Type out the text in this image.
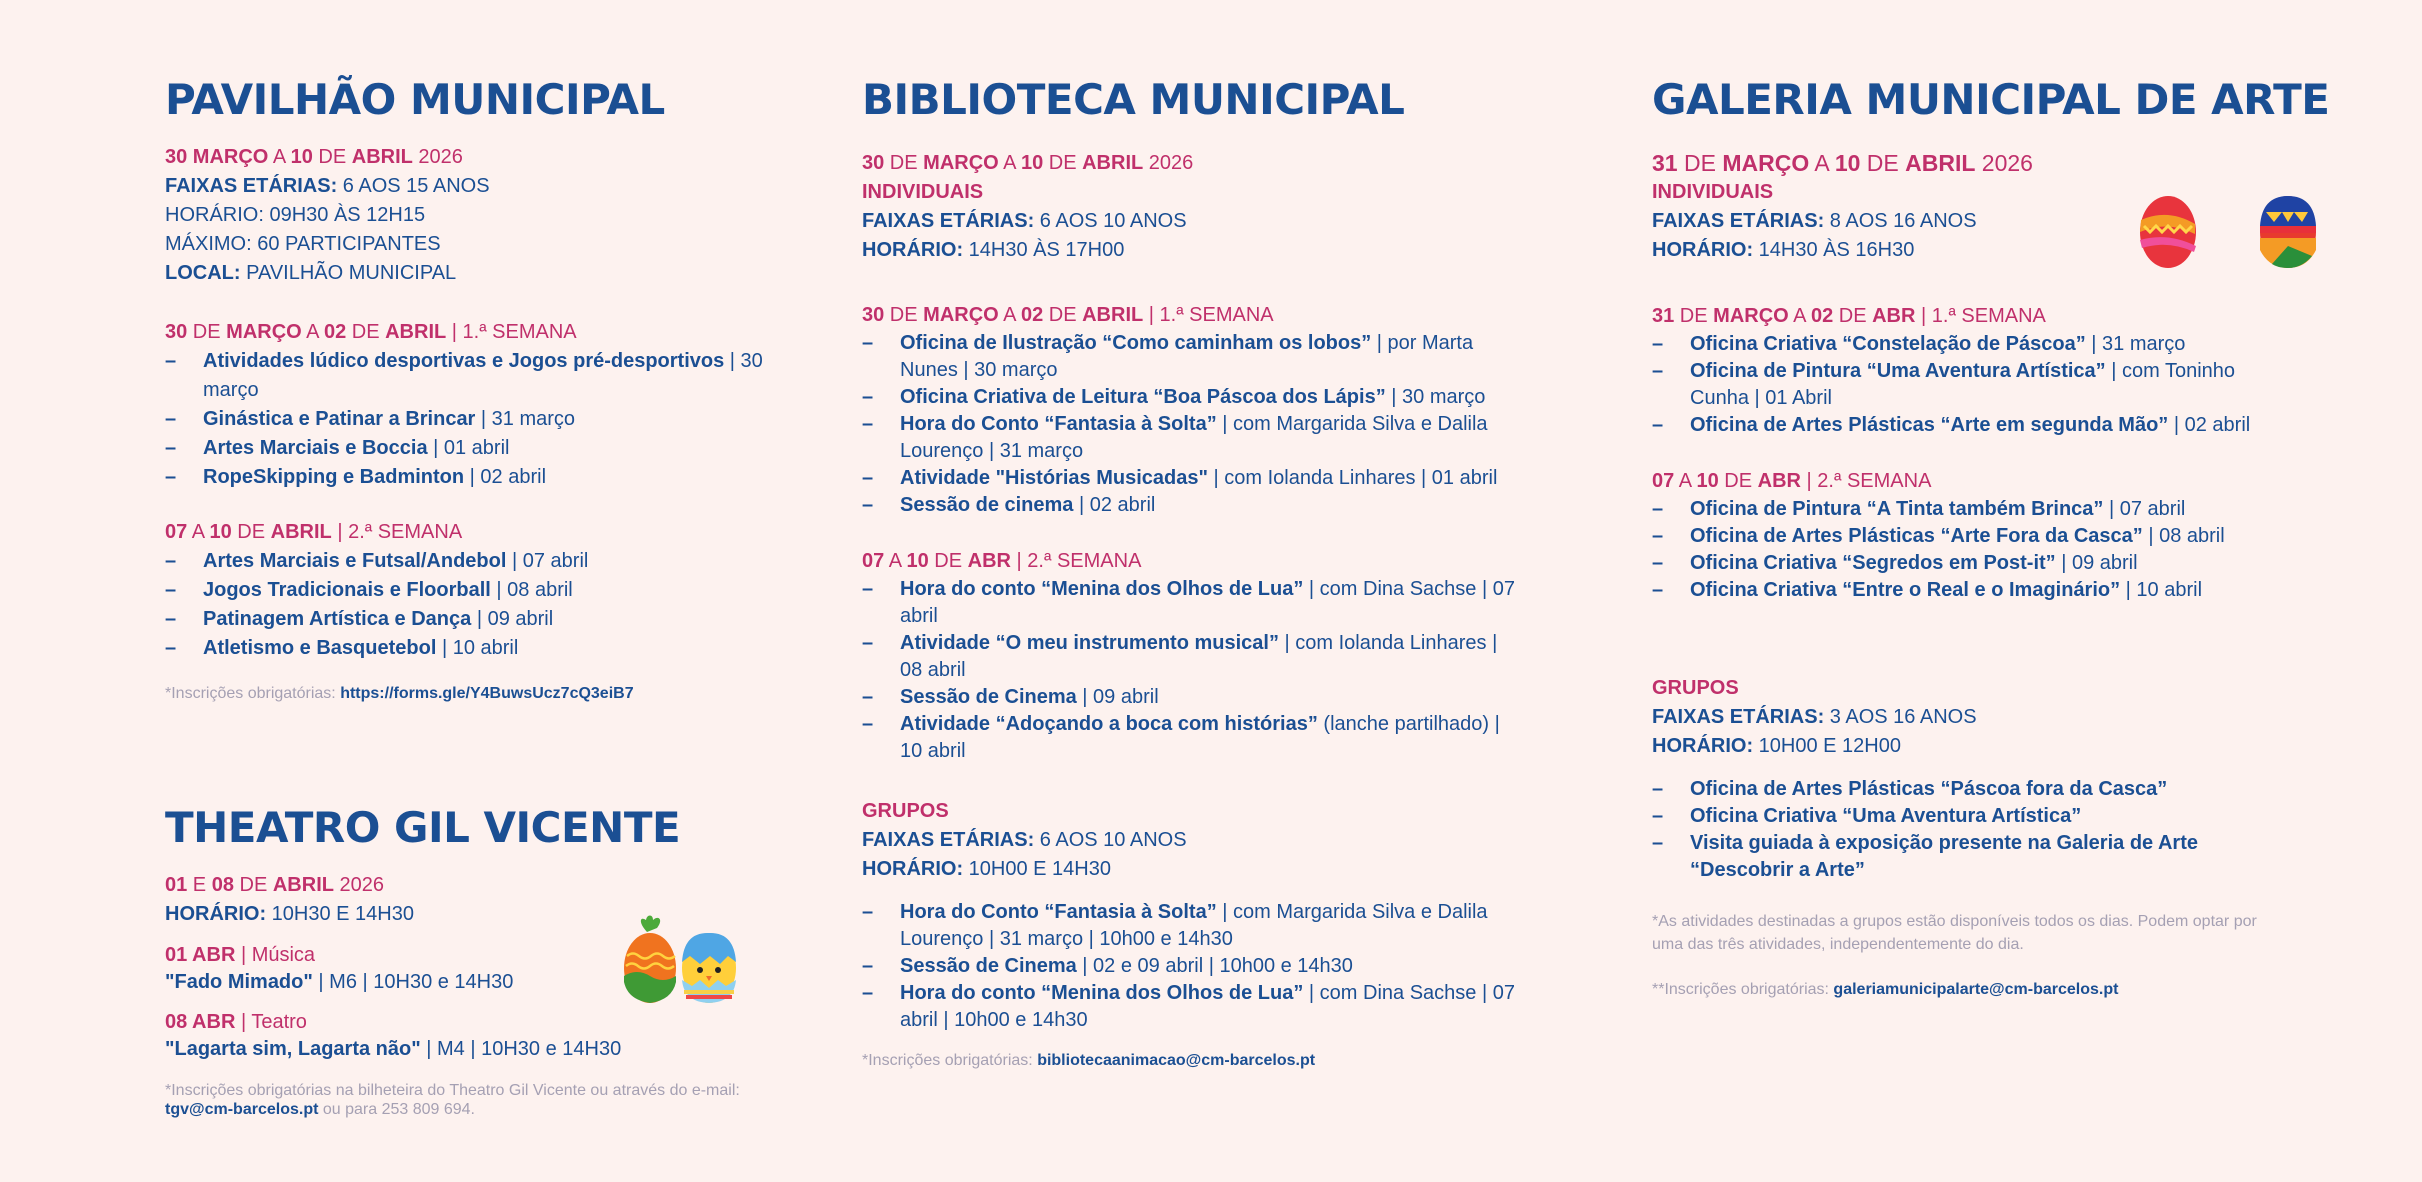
PAVILHÃO MUNICIPAL
30 MARÇO A 10 DE ABRIL 2026
FAIXAS ETÁRIAS: 6 AOS 15 ANOS
HORÁRIO: 09H30 ÀS 12H15
MÁXIMO: 60 PARTICIPANTES
LOCAL: PAVILHÃO MUNICIPAL
30 DE MARÇO A 02 DE ABRIL | 1.ª SEMANA
– Atividades lúdico desportivas e Jogos pré-desportivos | 30 março
– Ginástica e Patinar a Brincar | 31 março
– Artes Marciais e Boccia | 01 abril
– RopeSkipping e Badminton | 02 abril
07 A 10 DE ABRIL | 2.ª SEMANA
– Artes Marciais e Futsal/Andebol | 07 abril
– Jogos Tradicionais e Floorball | 08 abril
– Patinagem Artística e Dança | 09 abril
– Atletismo e Basquetebol | 10 abril
*Inscrições obrigatórias: https://forms.gle/Y4BuwsUcz7cQ3eiB7
THEATRO GIL VICENTE
01 E 08 DE ABRIL 2026
HORÁRIO: 10H30 E 14H30
01 ABR | Música
"Fado Mimado" | M6 | 10H30 e 14H30
08 ABR | Teatro
"Lagarta sim, Lagarta não" | M4 | 10H30 e 14H30
*Inscrições obrigatórias na bilheteira do Theatro Gil Vicente ou através do e-mail: tgv@cm-barcelos.pt ou para 253 809 694.
BIBLIOTECA MUNICIPAL
30 DE MARÇO A 10 DE ABRIL 2026
INDIVIDUAIS
FAIXAS ETÁRIAS: 6 AOS 10 ANOS
HORÁRIO: 14H30 ÀS 17H00
30 DE MARÇO A 02 DE ABRIL | 1.ª SEMANA
– Oficina de Ilustração “Como caminham os lobos” | por Marta Nunes | 30 março
– Oficina Criativa de Leitura “Boa Páscoa dos Lápis” | 30 março
– Hora do Conto “Fantasia à Solta” | com Margarida Silva e Dalila Lourenço | 31 março
– Atividade "Histórias Musicadas" | com Iolanda Linhares | 01 abril
– Sessão de cinema | 02 abril
07 A 10 DE ABR | 2.ª SEMANA
– Hora do conto “Menina dos Olhos de Lua” | com Dina Sachse | 07 abril
– Atividade “O meu instrumento musical” | com Iolanda Linhares | 08 abril
– Sessão de Cinema | 09 abril
– Atividade “Adoçando a boca com histórias” (lanche partilhado) | 10 abril
GRUPOS
FAIXAS ETÁRIAS: 6 AOS 10 ANOS
HORÁRIO: 10H00 E 14H30
– Hora do Conto “Fantasia à Solta” | com Margarida Silva e Dalila Lourenço | 31 março | 10h00 e 14h30
– Sessão de Cinema | 02 e 09 abril | 10h00 e 14h30
– Hora do conto “Menina dos Olhos de Lua” | com Dina Sachse | 07 abril | 10h00 e 14h30
*Inscrições obrigatórias: bibliotecaanimacao@cm-barcelos.pt
GALERIA MUNICIPAL DE ARTE
31 DE MARÇO A 10 DE ABRIL 2026
INDIVIDUAIS
FAIXAS ETÁRIAS: 8 AOS 16 ANOS
HORÁRIO: 14H30 ÀS 16H30
31 DE MARÇO A 02 DE ABR | 1.ª SEMANA
– Oficina Criativa “Constelação de Páscoa” | 31 março
– Oficina de Pintura “Uma Aventura Artística” | com Toninho Cunha | 01 Abril
– Oficina de Artes Plásticas “Arte em segunda Mão” | 02 abril
07 A 10 DE ABR | 2.ª SEMANA
– Oficina de Pintura “A Tinta também Brinca” | 07 abril
– Oficina de Artes Plásticas “Arte Fora da Casca” | 08 abril
– Oficina Criativa “Segredos em Post-it” | 09 abril
– Oficina Criativa “Entre o Real e o Imaginário” | 10 abril
GRUPOS
FAIXAS ETÁRIAS: 3 AOS 16 ANOS
HORÁRIO: 10H00 E 12H00
– Oficina de Artes Plásticas “Páscoa fora da Casca”
– Oficina Criativa “Uma Aventura Artística”
– Visita guiada à exposição presente na Galeria de Arte “Descobrir a Arte”
*As atividades destinadas a grupos estão disponíveis todos os dias. Podem optar por uma das três atividades, independentemente do dia.
**Inscrições obrigatórias: galeriamunicipalarte@cm-barcelos.pt
